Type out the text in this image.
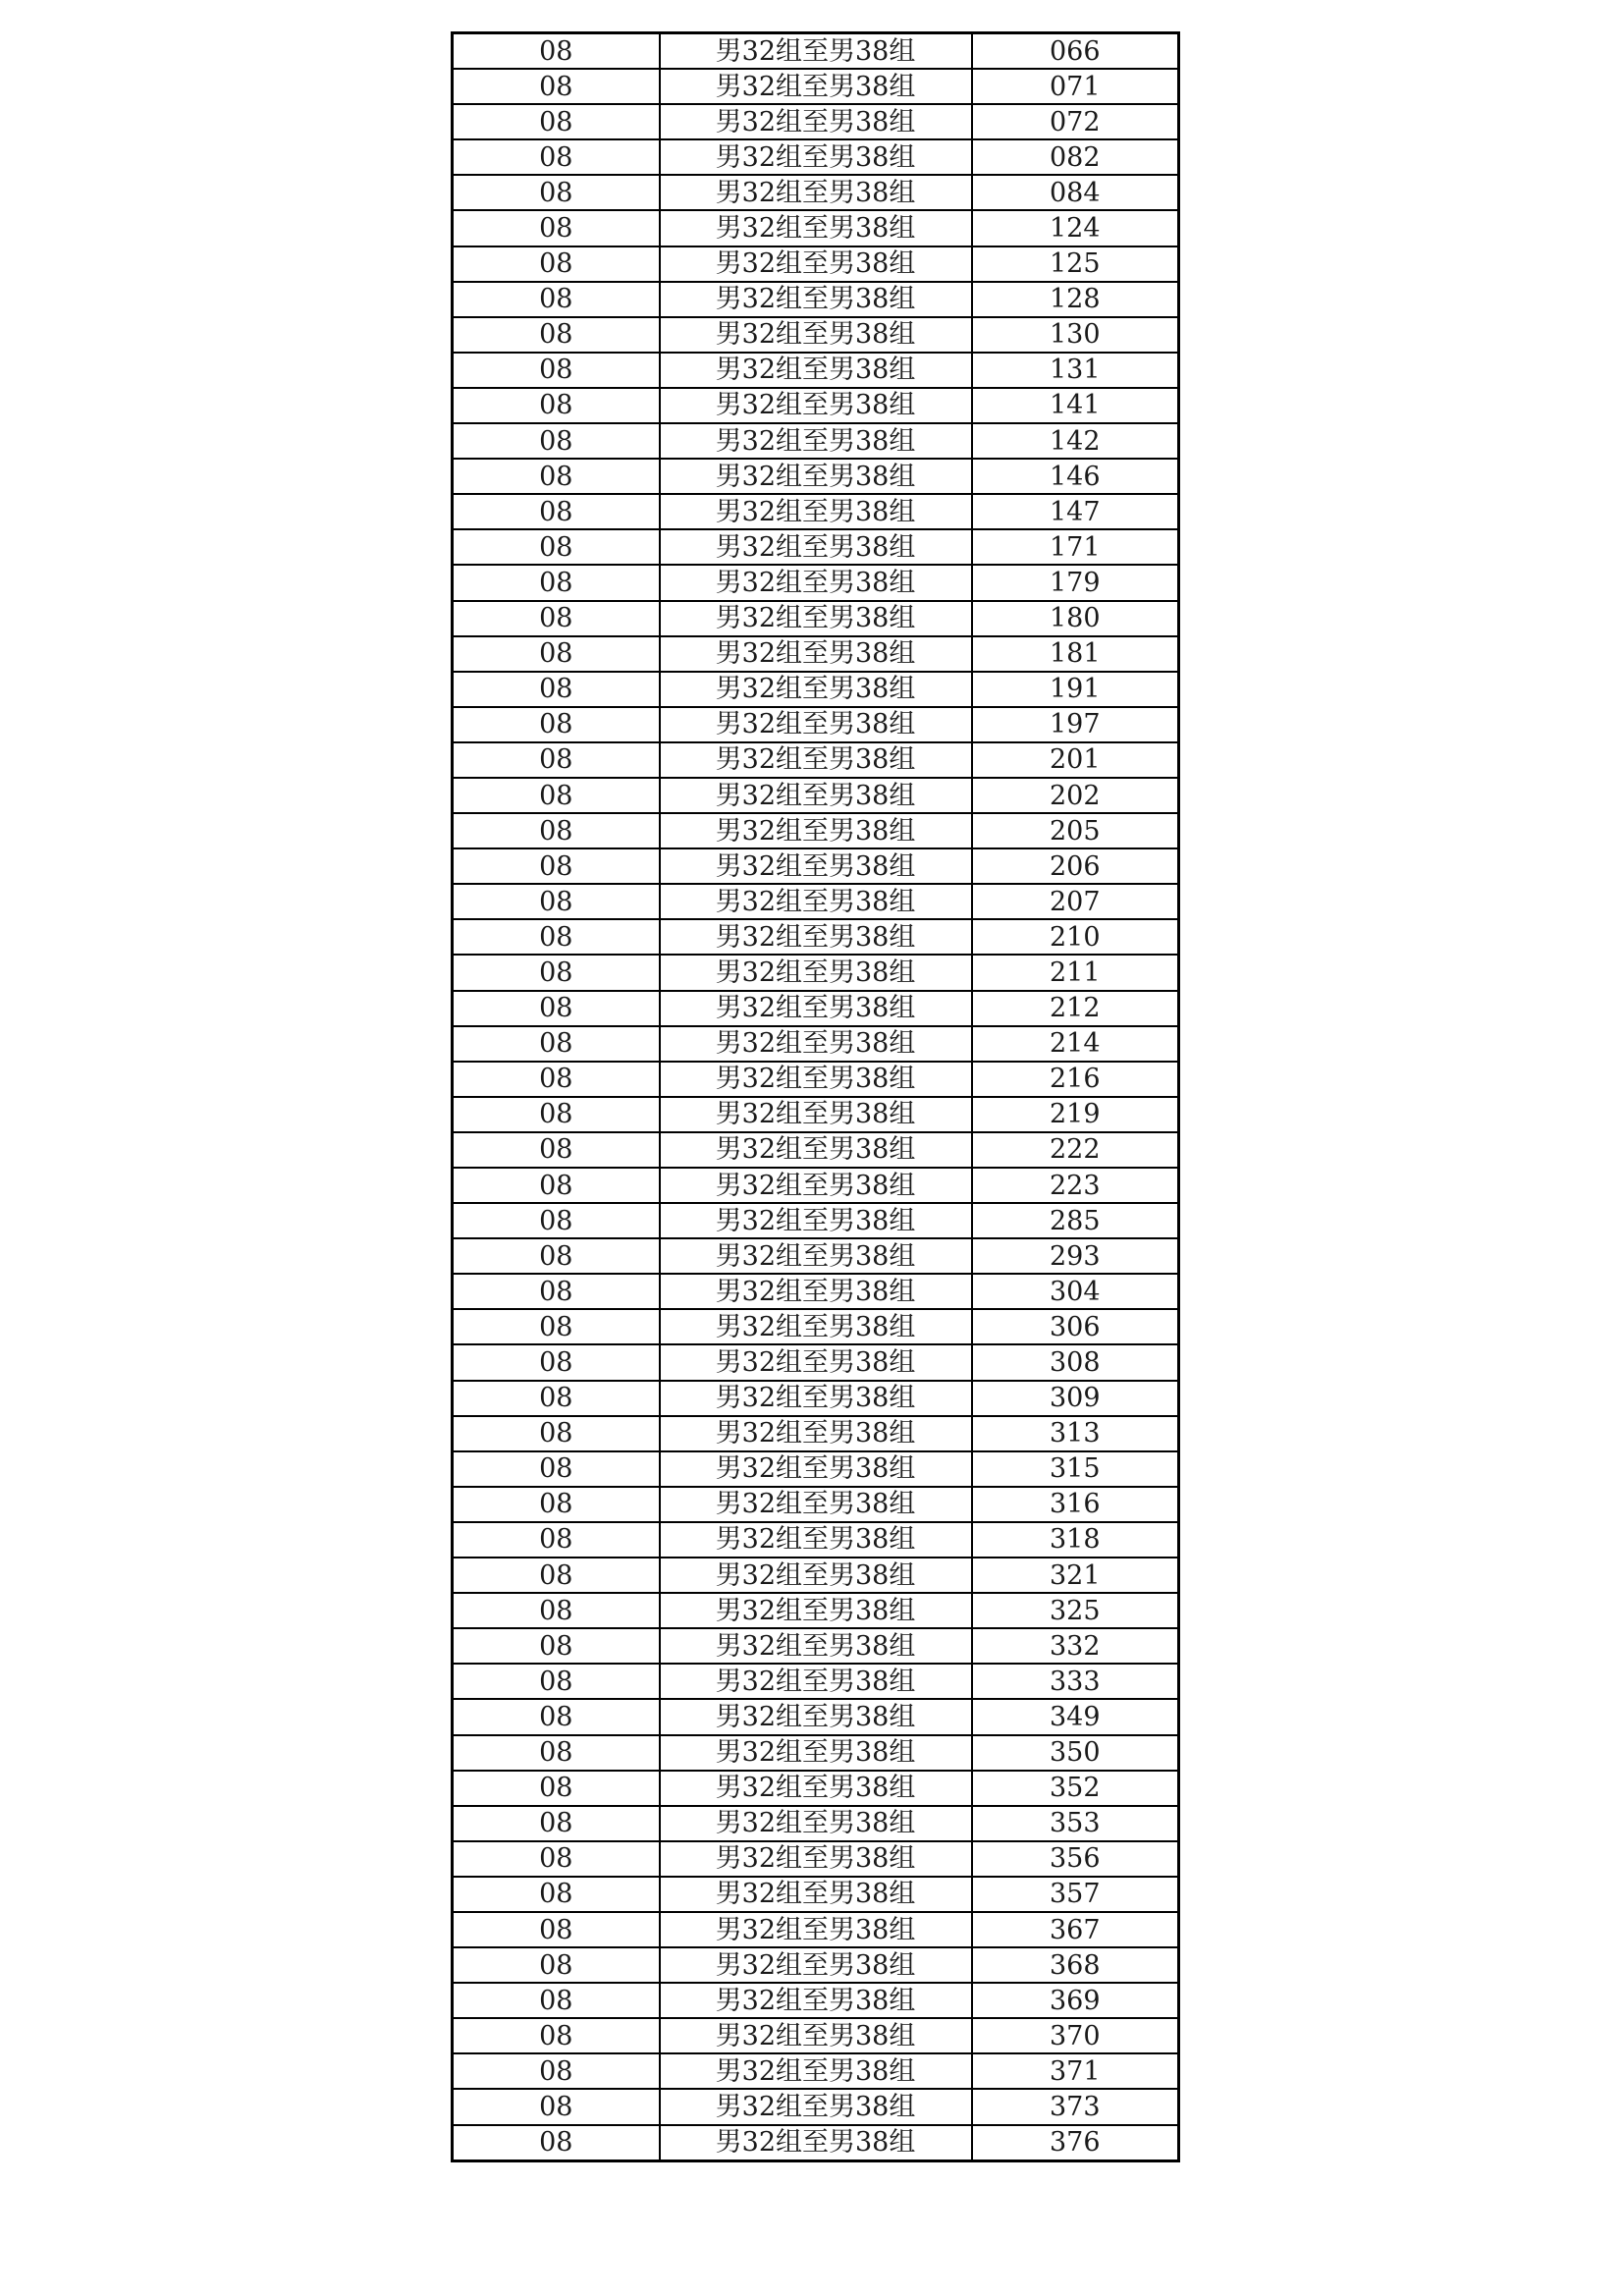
08	男32组至男38组	066
08	男32组至男38组	071
08	男32组至男38组	072
08	男32组至男38组	082
08	男32组至男38组	084
08	男32组至男38组	124
08	男32组至男38组	125
08	男32组至男38组	128
08	男32组至男38组	130
08	男32组至男38组	131
08	男32组至男38组	141
08	男32组至男38组	142
08	男32组至男38组	146
08	男32组至男38组	147
08	男32组至男38组	171
08	男32组至男38组	179
08	男32组至男38组	180
08	男32组至男38组	181
08	男32组至男38组	191
08	男32组至男38组	197
08	男32组至男38组	201
08	男32组至男38组	202
08	男32组至男38组	205
08	男32组至男38组	206
08	男32组至男38组	207
08	男32组至男38组	210
08	男32组至男38组	211
08	男32组至男38组	212
08	男32组至男38组	214
08	男32组至男38组	216
08	男32组至男38组	219
08	男32组至男38组	222
08	男32组至男38组	223
08	男32组至男38组	285
08	男32组至男38组	293
08	男32组至男38组	304
08	男32组至男38组	306
08	男32组至男38组	308
08	男32组至男38组	309
08	男32组至男38组	313
08	男32组至男38组	315
08	男32组至男38组	316
08	男32组至男38组	318
08	男32组至男38组	321
08	男32组至男38组	325
08	男32组至男38组	332
08	男32组至男38组	333
08	男32组至男38组	349
08	男32组至男38组	350
08	男32组至男38组	352
08	男32组至男38组	353
08	男32组至男38组	356
08	男32组至男38组	357
08	男32组至男38组	367
08	男32组至男38组	368
08	男32组至男38组	369
08	男32组至男38组	370
08	男32组至男38组	371
08	男32组至男38组	373
08	男32组至男38组	376
